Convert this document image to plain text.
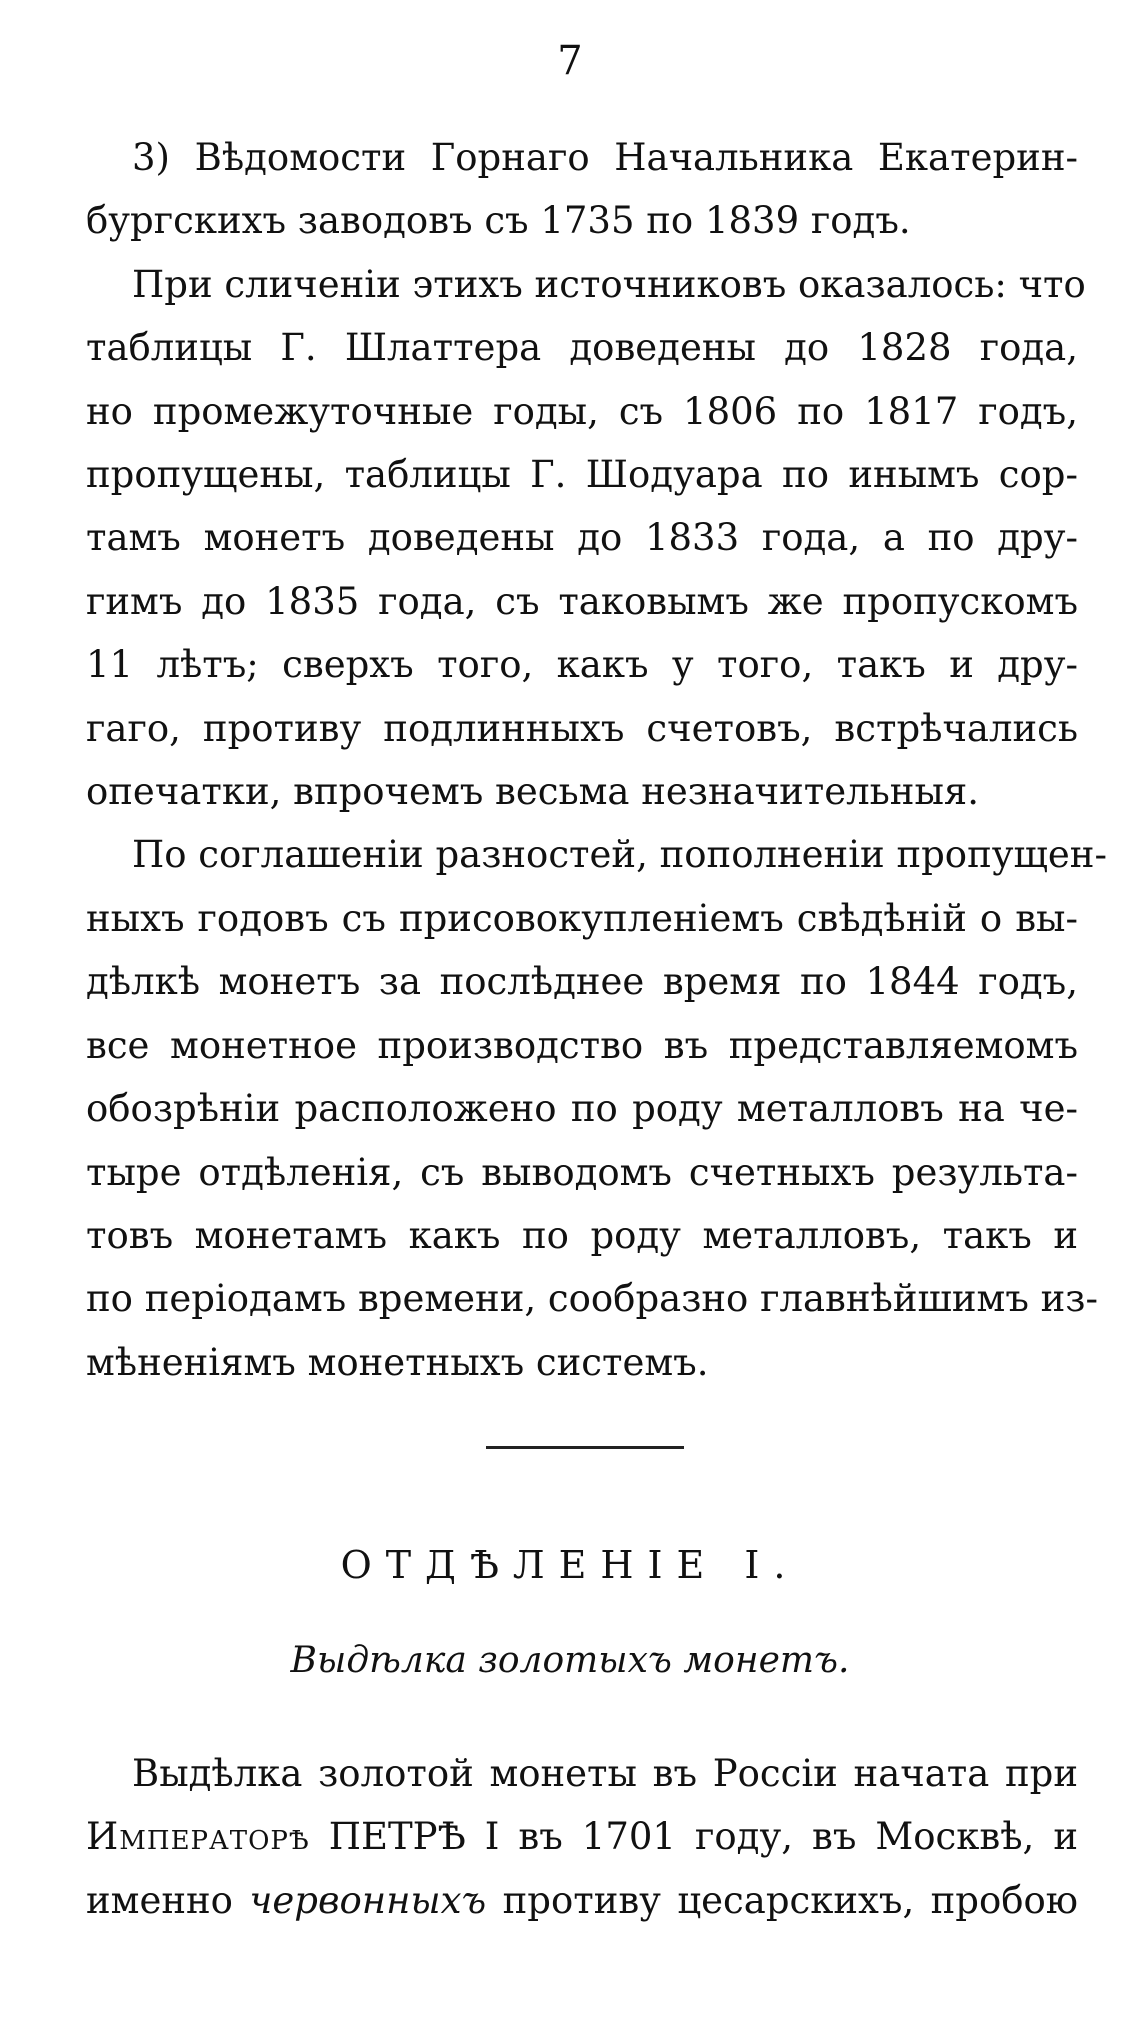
7
3) Вѣдомости Горнаго Начальника Екатерин-
бургскихъ заводовъ съ 1735 по 1839 годъ.
При сличеніи этихъ источниковъ оказалось: что
таблицы Г. Шлаттера доведены до 1828 года,
но промежуточные годы, съ 1806 по 1817 годъ,
пропущены, таблицы Г. Шодуара по инымъ сор-
тамъ монетъ доведены до 1833 года, а по дру-
гимъ до 1835 года, съ таковымъ же пропускомъ
11 лѣтъ; сверхъ того, какъ у того, такъ и дру-
гаго, противу подлинныхъ счетовъ, встрѣчались
опечатки, впрочемъ весьма незначительныя.
По соглашеніи разностей, пополненіи пропущен-
ныхъ годовъ съ присовокупленіемъ свѣдѣній о вы-
дѣлкѣ монетъ за послѣднее время по 1844 годъ,
все монетное производство въ представляемомъ
обозрѣніи расположено по роду металловъ на че-
тыре отдѣленія, съ выводомъ счетныхъ результа-
товъ монетамъ какъ по роду металловъ, такъ и
по періодамъ времени, сообразно главнѣйшимъ из-
мѣненіямъ монетныхъ системъ.
ОТДѢЛЕНІЕ I.
Выдѣлка золотыхъ монетъ.
Выдѣлка золотой монеты въ Россіи начата при
Императорѣ ПЕТРѢ I въ 1701 году, въ Москвѣ, и
именно червонныхъ противу цесарскихъ, пробою
